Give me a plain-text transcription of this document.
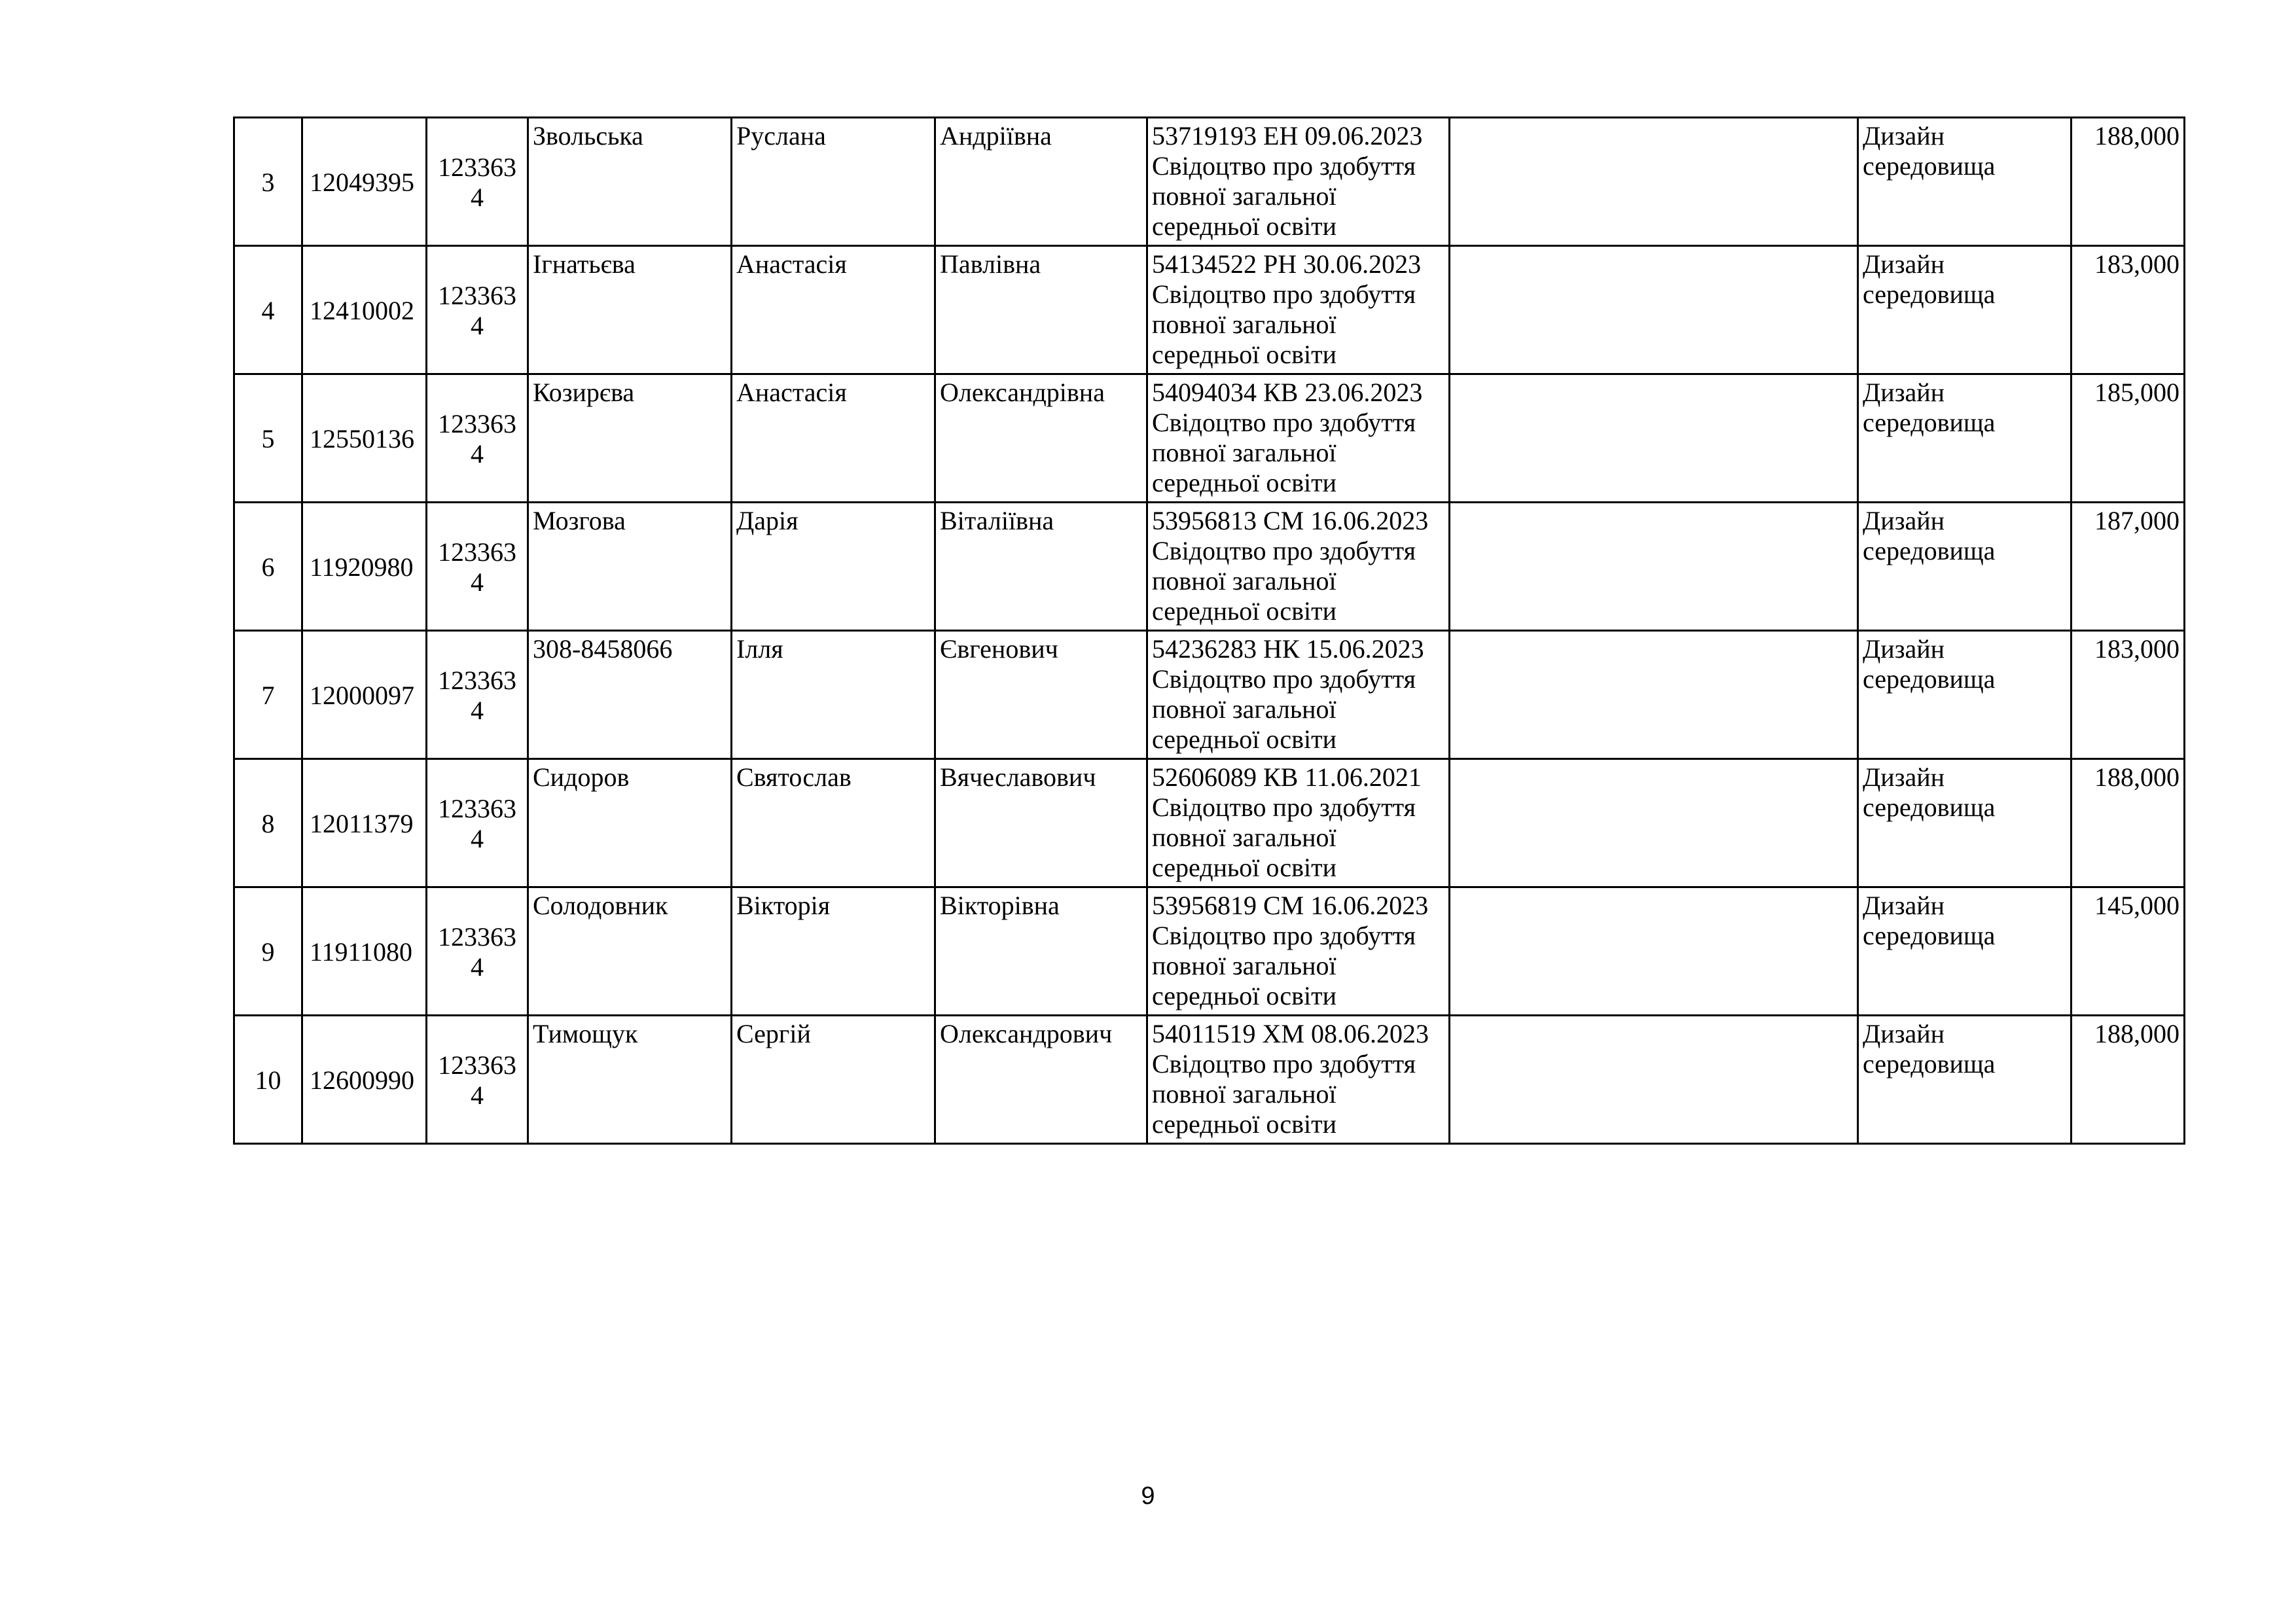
3	12049395	1233634	Звольська	Руслана	Андріївна	53719193 ЕН 09.06.2023 Свідоцтво про здобуття повної загальної середньої освіти		Дизайн середовища	188,000
4	12410002	1233634	Ігнатьєва	Анастасія	Павлівна	54134522 РН 30.06.2023 Свідоцтво про здобуття повної загальної середньої освіти		Дизайн середовища	183,000
5	12550136	1233634	Козирєва	Анастасія	Олександрівна	54094034 КВ 23.06.2023 Свідоцтво про здобуття повної загальної середньої освіти		Дизайн середовища	185,000
6	11920980	1233634	Мозгова	Дарія	Віталіївна	53956813 СМ 16.06.2023 Свідоцтво про здобуття повної загальної середньої освіти		Дизайн середовища	187,000
7	12000097	1233634	308-8458066	Ілля	Євгенович	54236283 НК 15.06.2023 Свідоцтво про здобуття повної загальної середньої освіти		Дизайн середовища	183,000
8	12011379	1233634	Сидоров	Святослав	Вячеславович	52606089 КВ 11.06.2021 Свідоцтво про здобуття повної загальної середньої освіти		Дизайн середовища	188,000
9	11911080	1233634	Солодовник	Вікторія	Вікторівна	53956819 СМ 16.06.2023 Свідоцтво про здобуття повної загальної середньої освіти		Дизайн середовища	145,000
10	12600990	1233634	Тимощук	Сергій	Олександрович	54011519 ХМ 08.06.2023 Свідоцтво про здобуття повної загальної середньої освіти		Дизайн середовища	188,000
9
